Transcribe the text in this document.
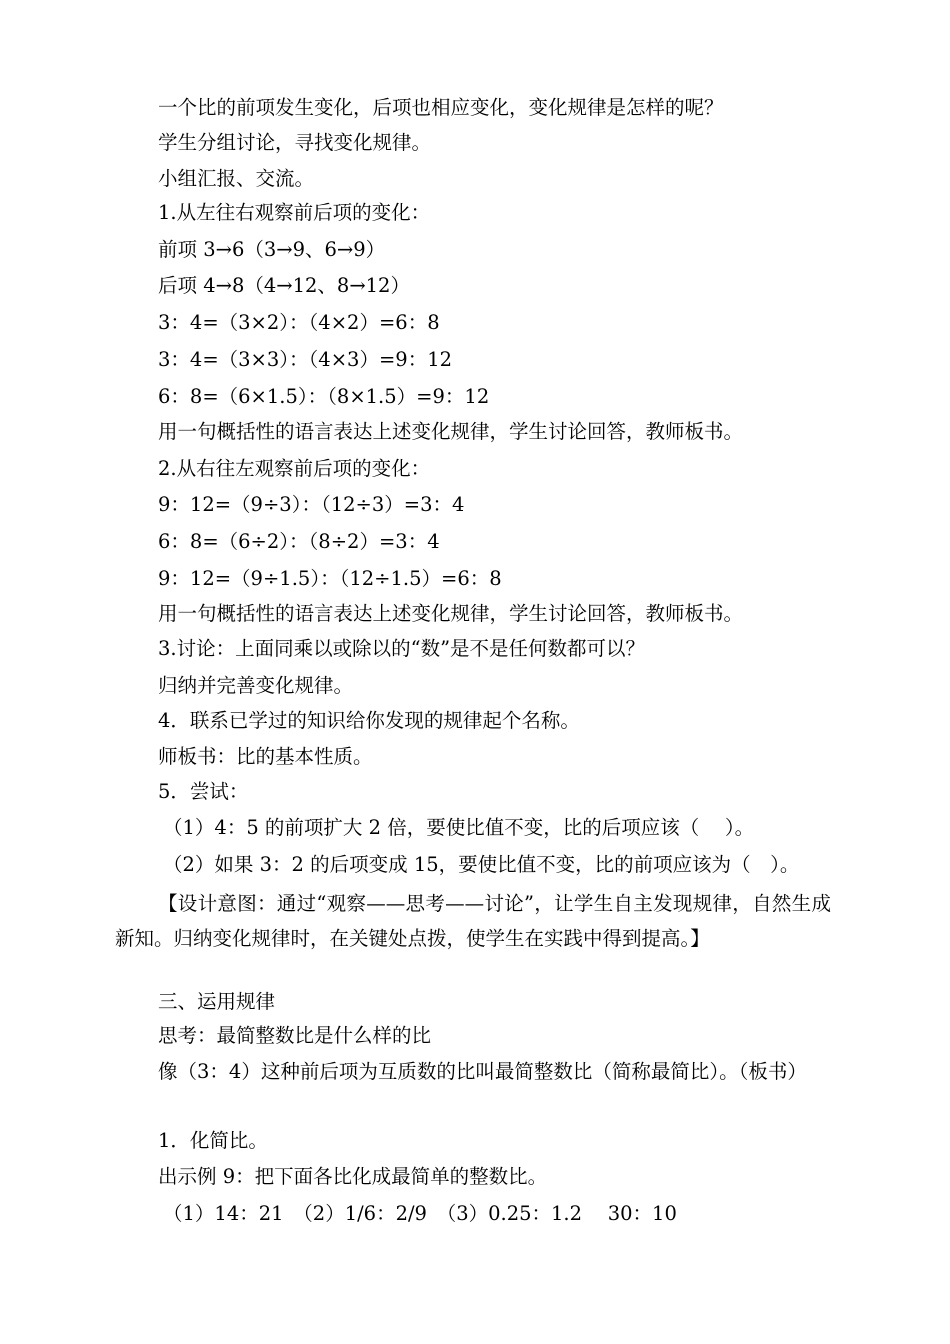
一个比的前项发生变化，后项也相应变化，变化规律是怎样的呢？
学生分组讨论，寻找变化规律。
小组汇报、交流。
1.从左往右观察前后项的变化：
前项 3→6（3→9、6→9）
后项 4→8（4→12、8→12）
3：4=（3×2）：（4×2）=6：8
3：4=（3×3）：（4×3）=9：12
6：8=（6×1.5）：（8×1.5）=9：12
用一句概括性的语言表达上述变化规律，学生讨论回答，教师板书。
2.从右往左观察前后项的变化：
9：12=（9÷3）：（12÷3）=3：4
6：8=（6÷2）：（8÷2）=3：4
9：12=（9÷1.5）：（12÷1.5）=6：8
用一句概括性的语言表达上述变化规律，学生讨论回答，教师板书。
3.讨论：上面同乘以或除以的“数”是不是任何数都可以？
归纳并完善变化规律。
4．联系已学过的知识给你发现的规律起个名称。
师板书：比的基本性质。
5．尝试：
（1）4：5 的前项扩大 2 倍，要使比值不变，比的后项应该（　 ）。
（2）如果 3：2 的后项变成 15，要使比值不变，比的前项应该为（　）。
【设计意图：通过“观察——思考——讨论”，让学生自主发现规律，自然生成新知。归纳变化规律时，在关键处点拨，使学生在实践中得到提高。】
三、运用规律
思考：最简整数比是什么样的比
像（3：4）这种前后项为互质数的比叫最简整数比（简称最简比）。（板书）
1．化简比。
出示例 9：把下面各比化成最简单的整数比。
（1）14：21　（2）1/6：2/9　（3）0.25：1.2　 30：10
